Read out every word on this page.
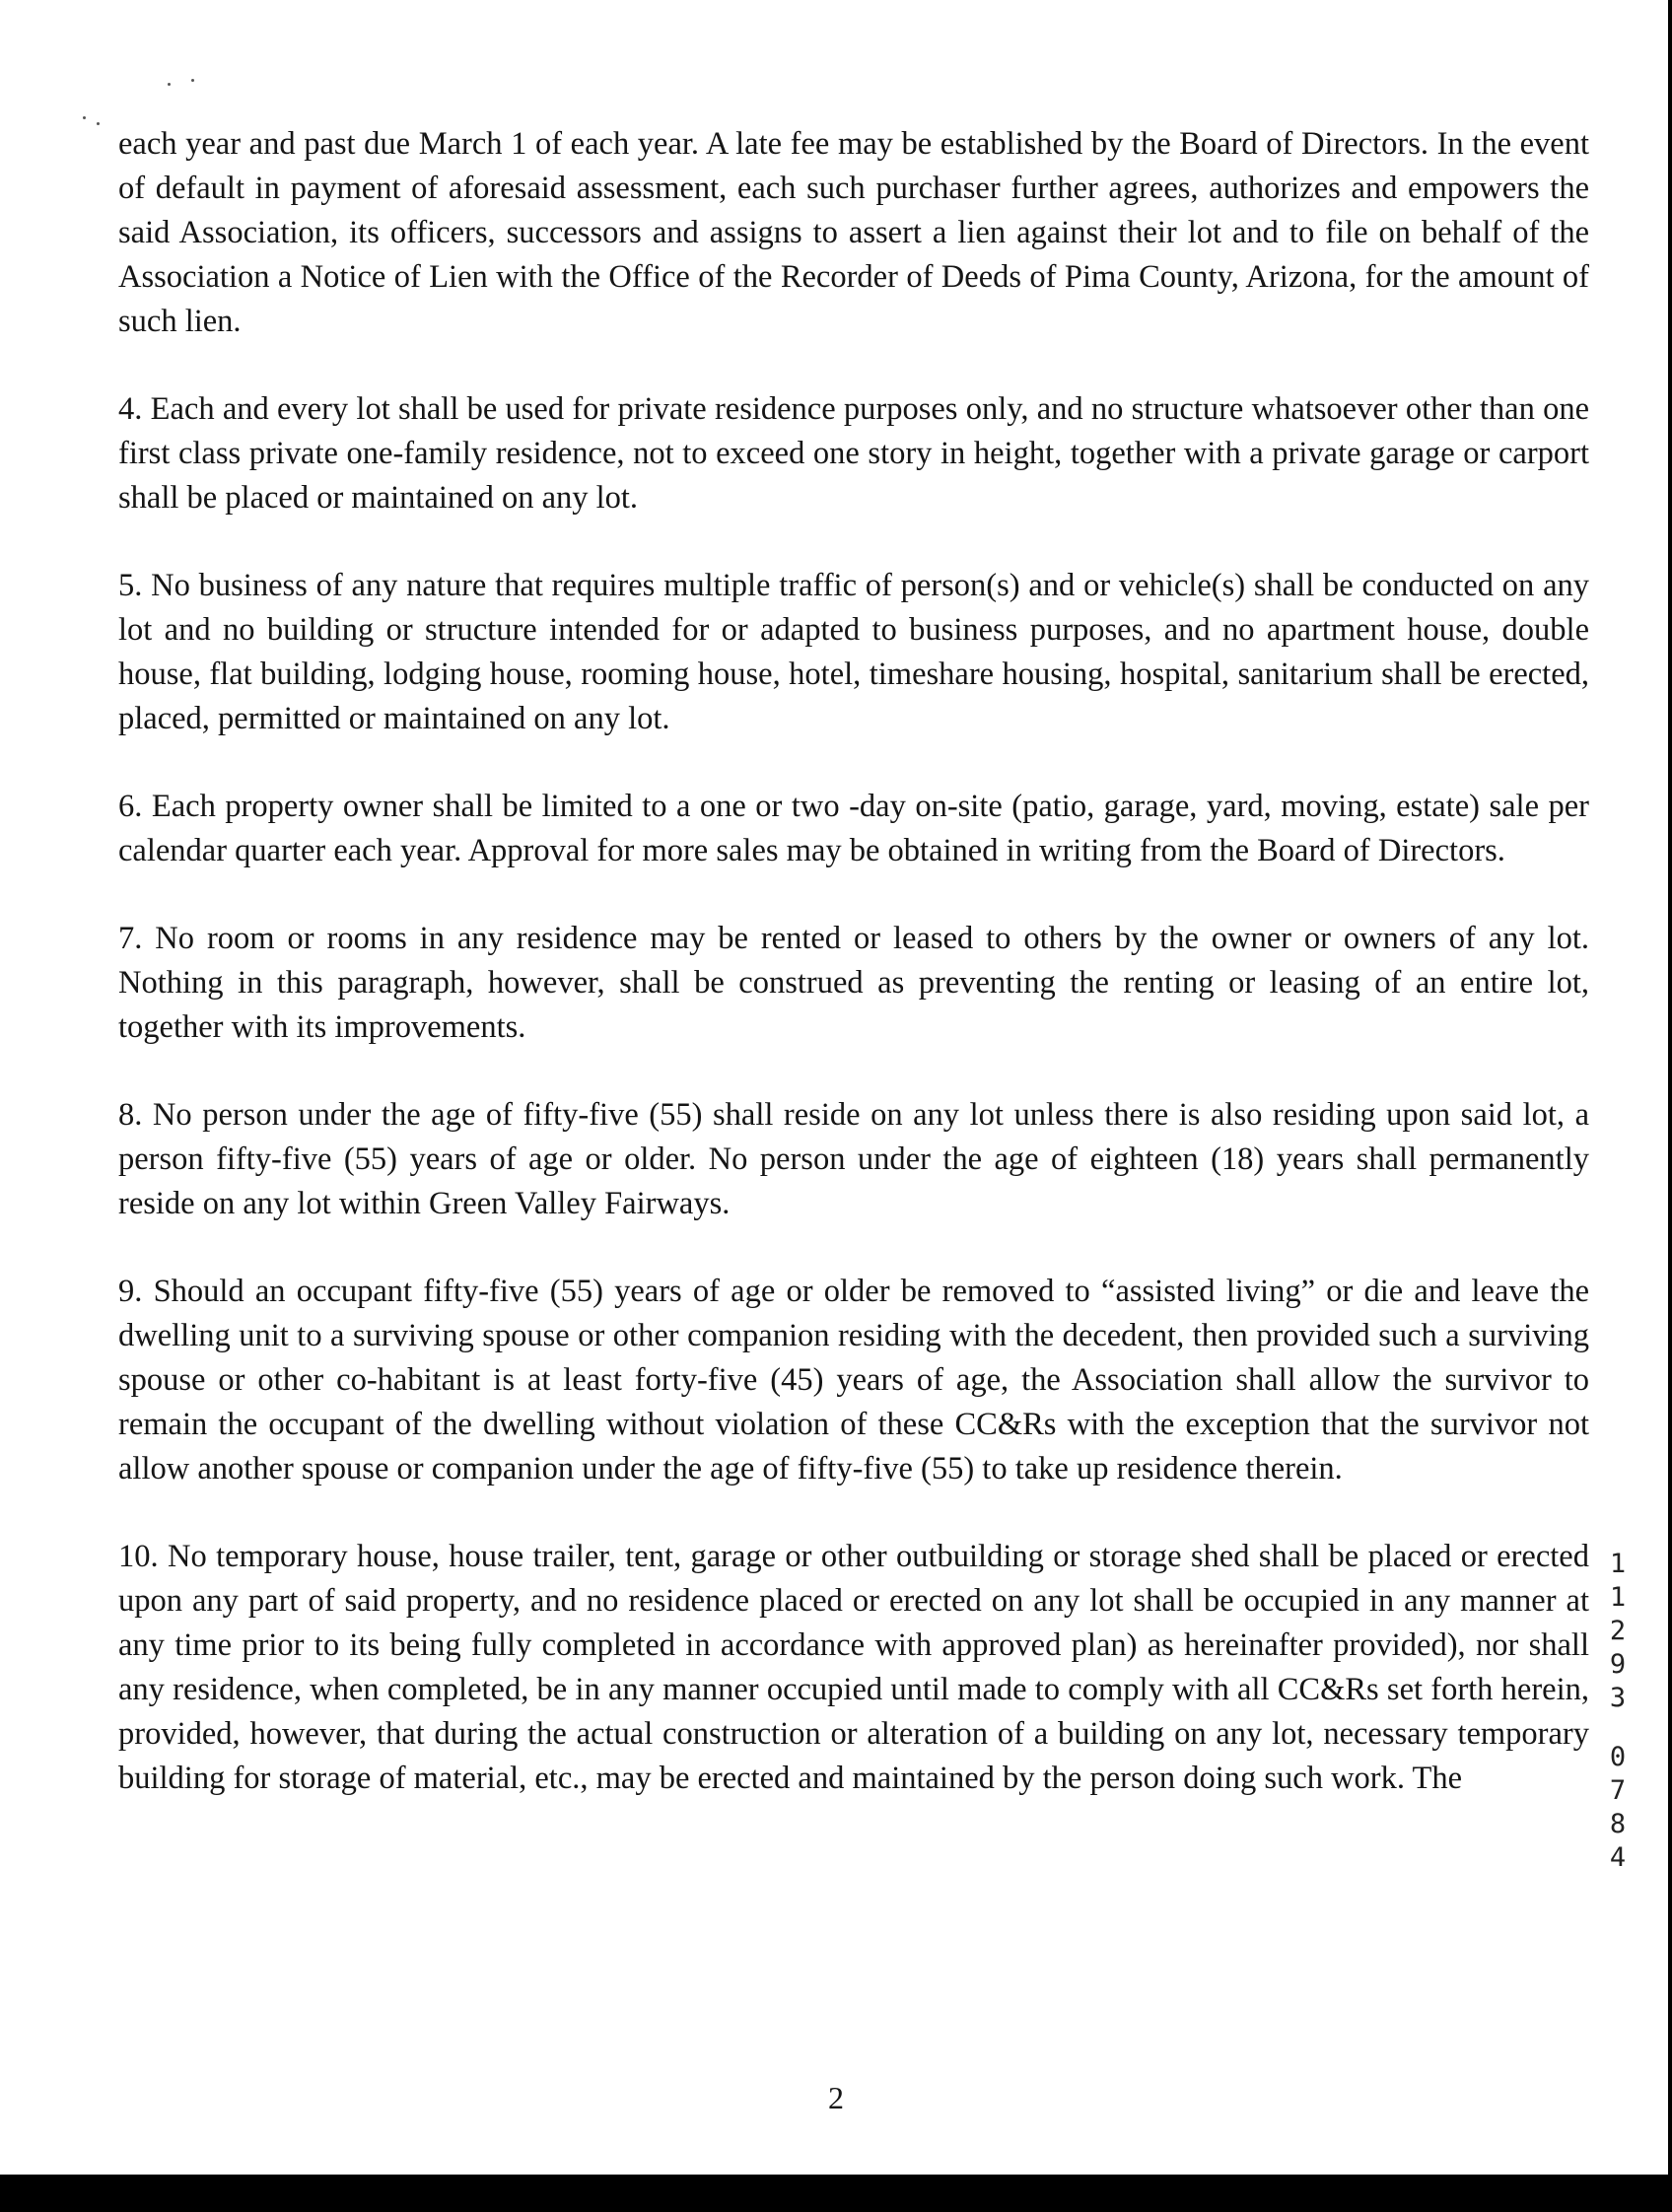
each year and past due March 1 of each year. A late fee may be established by the Board of Directors. In the event of default in payment of aforesaid assessment, each such purchaser further agrees, authorizes and empowers the said Association, its officers, successors and assigns to assert a lien against their lot and to file on behalf of the Association a Notice of Lien with the Office of the Recorder of Deeds of Pima County, Arizona, for the amount of such lien.

4. Each and every lot shall be used for private residence purposes only, and no structure whatsoever other than one first class private one-family residence, not to exceed one story in height, together with a private garage or carport shall be placed or maintained on any lot.

5. No business of any nature that requires multiple traffic of person(s) and or vehicle(s) shall be conducted on any lot and no building or structure intended for or adapted to business purposes, and no apartment house, double house, flat building, lodging house, rooming house, hotel, timeshare housing, hospital, sanitarium shall be erected, placed, permitted or maintained on any lot.

6. Each property owner shall be limited to a one or two -day on-site (patio, garage, yard, moving, estate) sale per calendar quarter each year. Approval for more sales may be obtained in writing from the Board of Directors.

7. No room or rooms in any residence may be rented or leased to others by the owner or owners of any lot. Nothing in this paragraph, however, shall be construed as preventing the renting or leasing of an entire lot, together with its improvements.

8. No person under the age of fifty-five (55) shall reside on any lot unless there is also residing upon said lot, a person fifty-five (55) years of age or older. No person under the age of eighteen (18) years shall permanently reside on any lot within Green Valley Fairways.

9. Should an occupant fifty-five (55) years of age or older be removed to “assisted living” or die and leave the dwelling unit to a surviving spouse or other companion residing with the decedent, then provided such a surviving spouse or other co-habitant is at least forty-five (45) years of age, the Association shall allow the survivor to remain the occupant of the dwelling without violation of these CC&Rs with the exception that the survivor not allow another spouse or companion under the age of fifty-five (55) to take up residence therein.

10. No temporary house, house trailer, tent, garage or other outbuilding or storage shed shall be placed or erected upon any part of said property, and no residence placed or erected on any lot shall be occupied in any manner at any time prior to its being fully completed in accordance with approved plan) as hereinafter provided), nor shall any residence, when completed, be in any manner occupied until made to comply with all CC&Rs set forth herein, provided, however, that during the actual construction or alteration of a building on any lot, necessary temporary building for storage of material, etc., may be erected and maintained by the person doing such work. The

1
1
2
9
3
0
7
8
4
2
